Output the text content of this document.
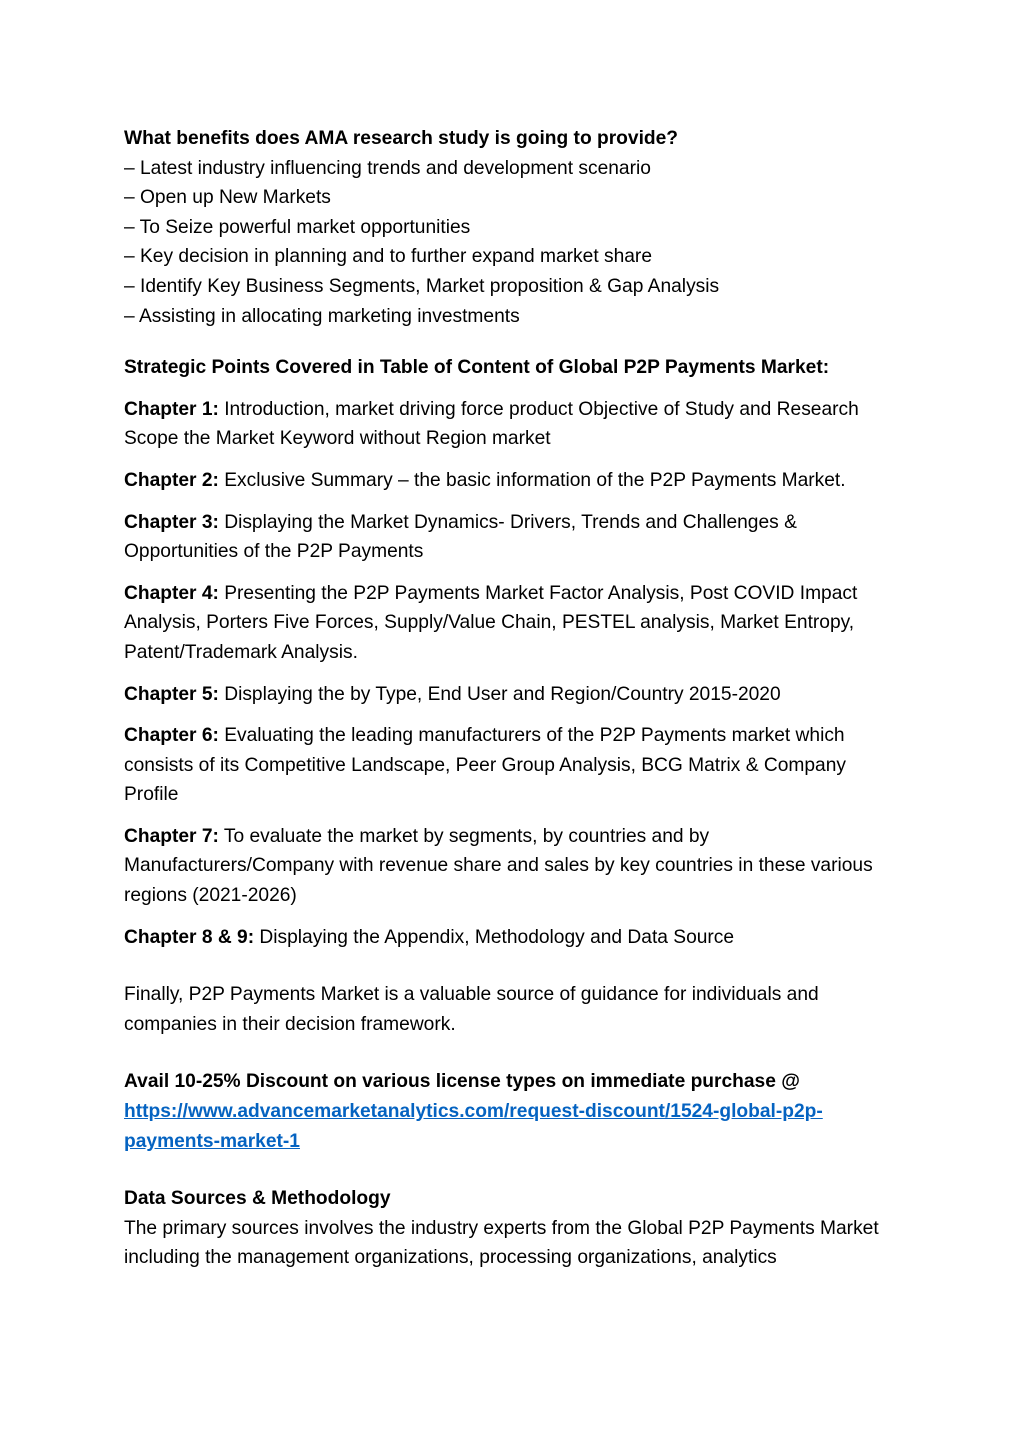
What benefits does AMA research study is going to provide?

– Latest industry influencing trends and development scenario

– Open up New Markets

– To Seize powerful market opportunities

– Key decision in planning and to further expand market share

– Identify Key Business Segments, Market proposition & Gap Analysis

– Assisting in allocating marketing investments

Strategic Points Covered in Table of Content of Global P2P Payments Market:

Chapter 1: Introduction, market driving force product Objective of Study and Research Scope the Market Keyword without Region market

Chapter 2: Exclusive Summary – the basic information of the P2P Payments Market.

Chapter 3: Displaying the Market Dynamics- Drivers, Trends and Challenges & Opportunities of the P2P Payments

Chapter 4: Presenting the P2P Payments Market Factor Analysis, Post COVID Impact Analysis, Porters Five Forces, Supply/Value Chain, PESTEL analysis, Market Entropy, Patent/Trademark Analysis.

Chapter 5: Displaying the by Type, End User and Region/Country 2015-2020

Chapter 6: Evaluating the leading manufacturers of the P2P Payments market which consists of its Competitive Landscape, Peer Group Analysis, BCG Matrix & Company Profile

Chapter 7: To evaluate the market by segments, by countries and by Manufacturers/Company with revenue share and sales by key countries in these various regions (2021-2026)

Chapter 8 & 9: Displaying the Appendix, Methodology and Data Source

Finally, P2P Payments Market is a valuable source of guidance for individuals and companies in their decision framework.

Avail 10-25% Discount on various license types on immediate purchase @

https://www.advancemarketanalytics.com/request-discount/1524-global-p2p-payments-market-1

Data Sources & Methodology

The primary sources involves the industry experts from the Global P2P Payments Market including the management organizations, processing organizations, analytics
